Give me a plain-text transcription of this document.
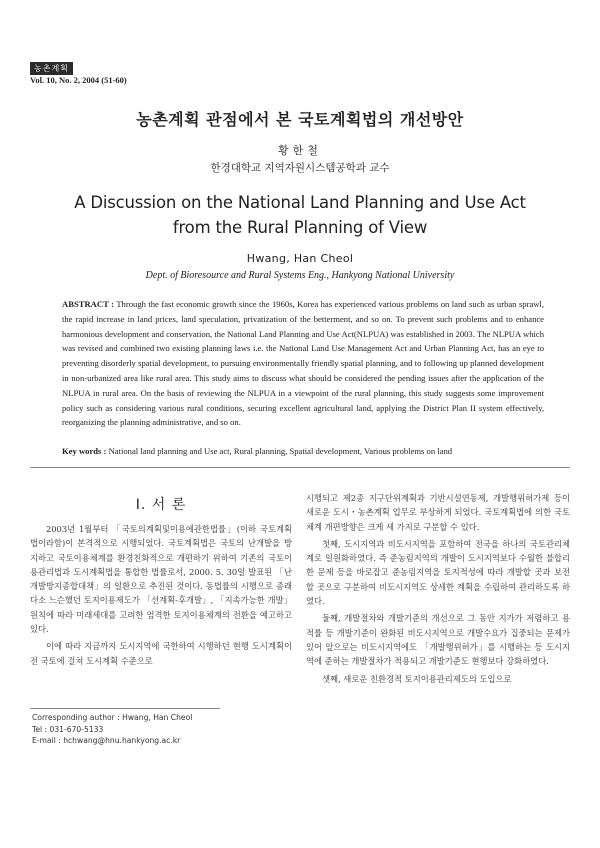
농촌계획
Vol. 10, No. 2, 2004 (51-60)
농촌계획 관점에서 본 국토계획법의 개선방안
황한철
한경대학교 지역자원시스템공학과 교수
A Discussion on the National Land Planning and Use Act from the Rural Planning of View
Hwang, Han Cheol
Dept. of Bioresource and Rural Systems Eng., Hankyong National University
ABSTRACT : Through the fast economic growth since the 1960s, Korea has experienced various problems on land such as urban sprawl, the rapid increase in land prices, land speculation, privatization of the betterment, and so on. To prevent such problems and to enhance harmonious development and conservation, the National Land Planning and Use Act(NLPUA) was established in 2003. The NLPUA which was revised and combined two existing planning laws i.e. the National Land Use Management Act and Urban Planning Act, has an eye to preventing disorderly spatial development, to pursuing environmentally friendly spatial planning, and to following up planned development in non-urbanized area like rural area. This study aims to discuss what should be considered the pending issues after the application of the NLPUA in rural area. On the basis of reviewing the NLPUA in a viewpoint of the rural planning, this study suggests some improvement policy such as considering various rural conditions, securing excellent agricultural land, applying the District Plan II system effectively, reorganizing the planning administrative, and so on.
Key words : National land planning and Use act, Rural planning, Spatial development, Various problems on land
I. 서 론

2003년 1월부터 「국토의계획및이용에관한법률」(이하 국토계획법이라함)이 본격적으로 시행되었다. 국토계획법은 국토의 난개발을 방지하고 국토이용체계를 환경친화적으로 개편하기 위하여 기존의 국토이용관리법과 도시계획법을 통합한 법률로서, 2000. 5. 30일 발표된 「난개발방지종합대책」의 일환으로 추진된 것이다. 동법률의 시행으로 종래 다소 느슨했던 토지이용제도가 「선계획-후개발」, 「지속가능한 개발」 원칙에 따라 미래세대를 고려한 엄격한 토지이용체계의 전환을 예고하고 있다.

이에 따라 지금까지 도시지역에 국한하여 시행하던 현행 도시계획이 전 국토에 걸쳐 도시계획 수준으로

시행되고 제2종 지구단위계획과 기반시설연동제, 개발행위허가제 등이 새로운 도시・농촌계획 업무로 부상하게 되었다. 국토계획법에 의한 국토체계 개편방향은 크게 세 가지로 구분할 수 있다.

첫째, 도시지역과 비도시지역을 포함하여 전국을 하나의 국토관리체계로 일원화하였다. 즉 준농림지역의 개발이 도시지역보다 수월한 불합리한 문제 등을 바로잡고 준농림지역을 토지적성에 따라 개발할 곳과 보전할 곳으로 구분하여 비도시지역도 상세한 계획을 수립하여 관리하도록 하였다.

둘째, 개발절차와 개발기준의 개선으로 그 동안 지가가 저렴하고 용적률 등 개발기준이 완화된 비도시지역으로 개발수요가 집중되는 문제가 있어 앞으로는 비도시지역에도 「개발행위허가」를 시행하는 등 도시지역에 준하는 개발절차가 적용되고 개발기준도 현행보다 강화하였다.

셋째, 새로운 친환경적 토지이용관리제도의 도입으로

Corresponding author : Hwang, Han Cheol
Tel : 031-670-5133
E-mail : hchwang@hnu.hankyong.ac.kr
